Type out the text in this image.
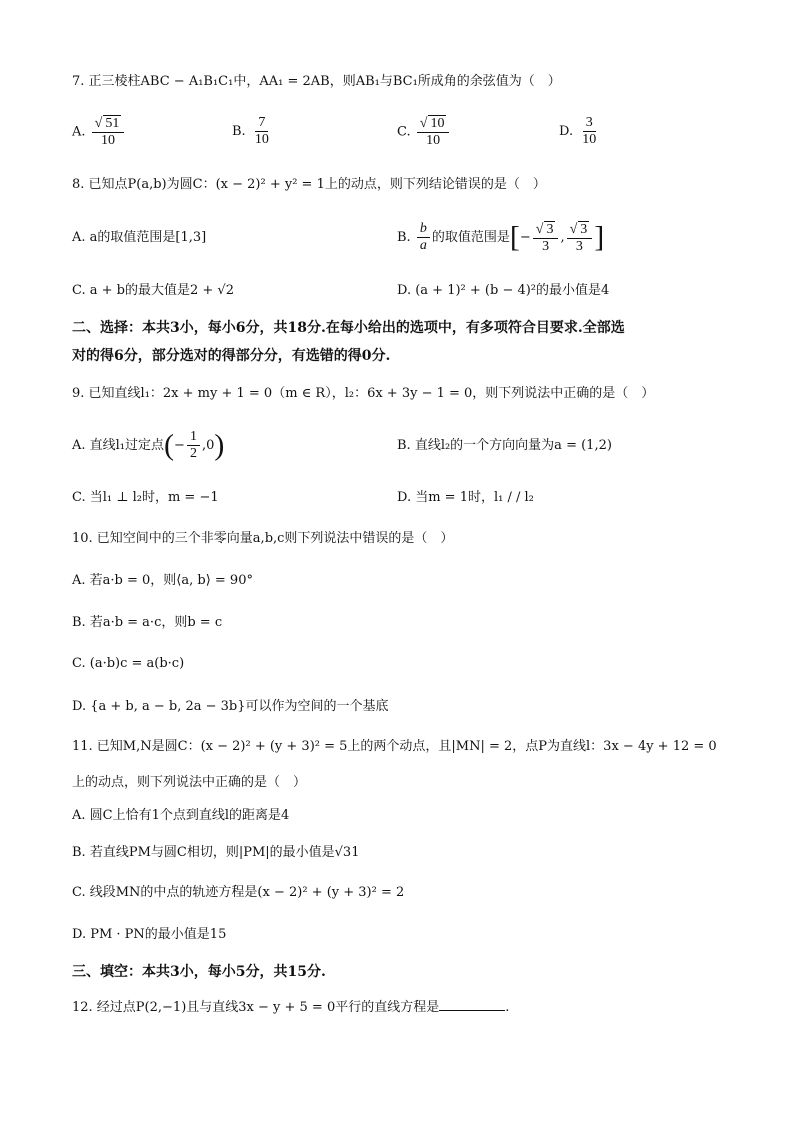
7. 正三棱柱ABC − A₁B₁C₁中，AA₁ = 2AB，则AB₁与BC₁所成角的余弦值为（　）
A. √ $\frac{51}{10}$	B. $\frac{7}{10}$	C. √ $\frac{10}{10}$	D. $\frac{3}{10}$
8. 已知点P(a,b)为圆C：(x − 2)² + y² = 1上的动点，则下列结论错误的是（　）
A. a的取值范围是[1,3]	B. $\frac{b}{a}$ 的取值范围是[− √ $\frac{3}{3}$ , √ $\frac{3}{3}$ ]
C. a + b的最大值是2 + √2	D. (a + 1)² + (b − 4)²的最小值是4
二、选择：本共3小，每小6分，共18分.在每小给出的选项中，有多项符合目要求.全部选
对的得6分，部分选对的得部分分，有选错的得0分.
9. 已知直线l₁：2x + my + 1 = 0（m ∈ R），l₂：6x + 3y − 1 = 0，则下列说法中正确的是（　）
A. 直线l₁过定点(− $\frac{1}{2} ,0$)	B. 直线l₂的一个方向向量为a = (1,2)
C. 当l₁ ⊥ l₂时，m = −1	D. 当m = 1时，l₁ / / l₂
10. 已知空间中的三个非零向量a,b,c则下列说法中错误的是（　）
A. 若a·b = 0，则⟨a, b⟩ = 90°
B. 若a·b = a·c，则b = c
C. (a·b)c = a(b·c)
D. {a + b, a − b, 2a − 3b}可以作为空间的一个基底
11. 已知M,N是圆C：(x − 2)² + (y + 3)² = 5上的两个动点，且|MN| = 2，点P为直线l：3x − 4y + 12 = 0
上的动点，则下列说法中正确的是（　）
A. 圆C上恰有1个点到直线l的距离是4
B. 若直线PM与圆C相切，则|PM|的最小值是√31
C. 线段MN的中点的轨迹方程是(x − 2)² + (y + 3)² = 2
D. PM · PN的最小值是15
三、填空：本共3小，每小5分，共15分.
12. 经过点P(2,−1)且与直线3x − y + 5 = 0平行的直线方程是	.
